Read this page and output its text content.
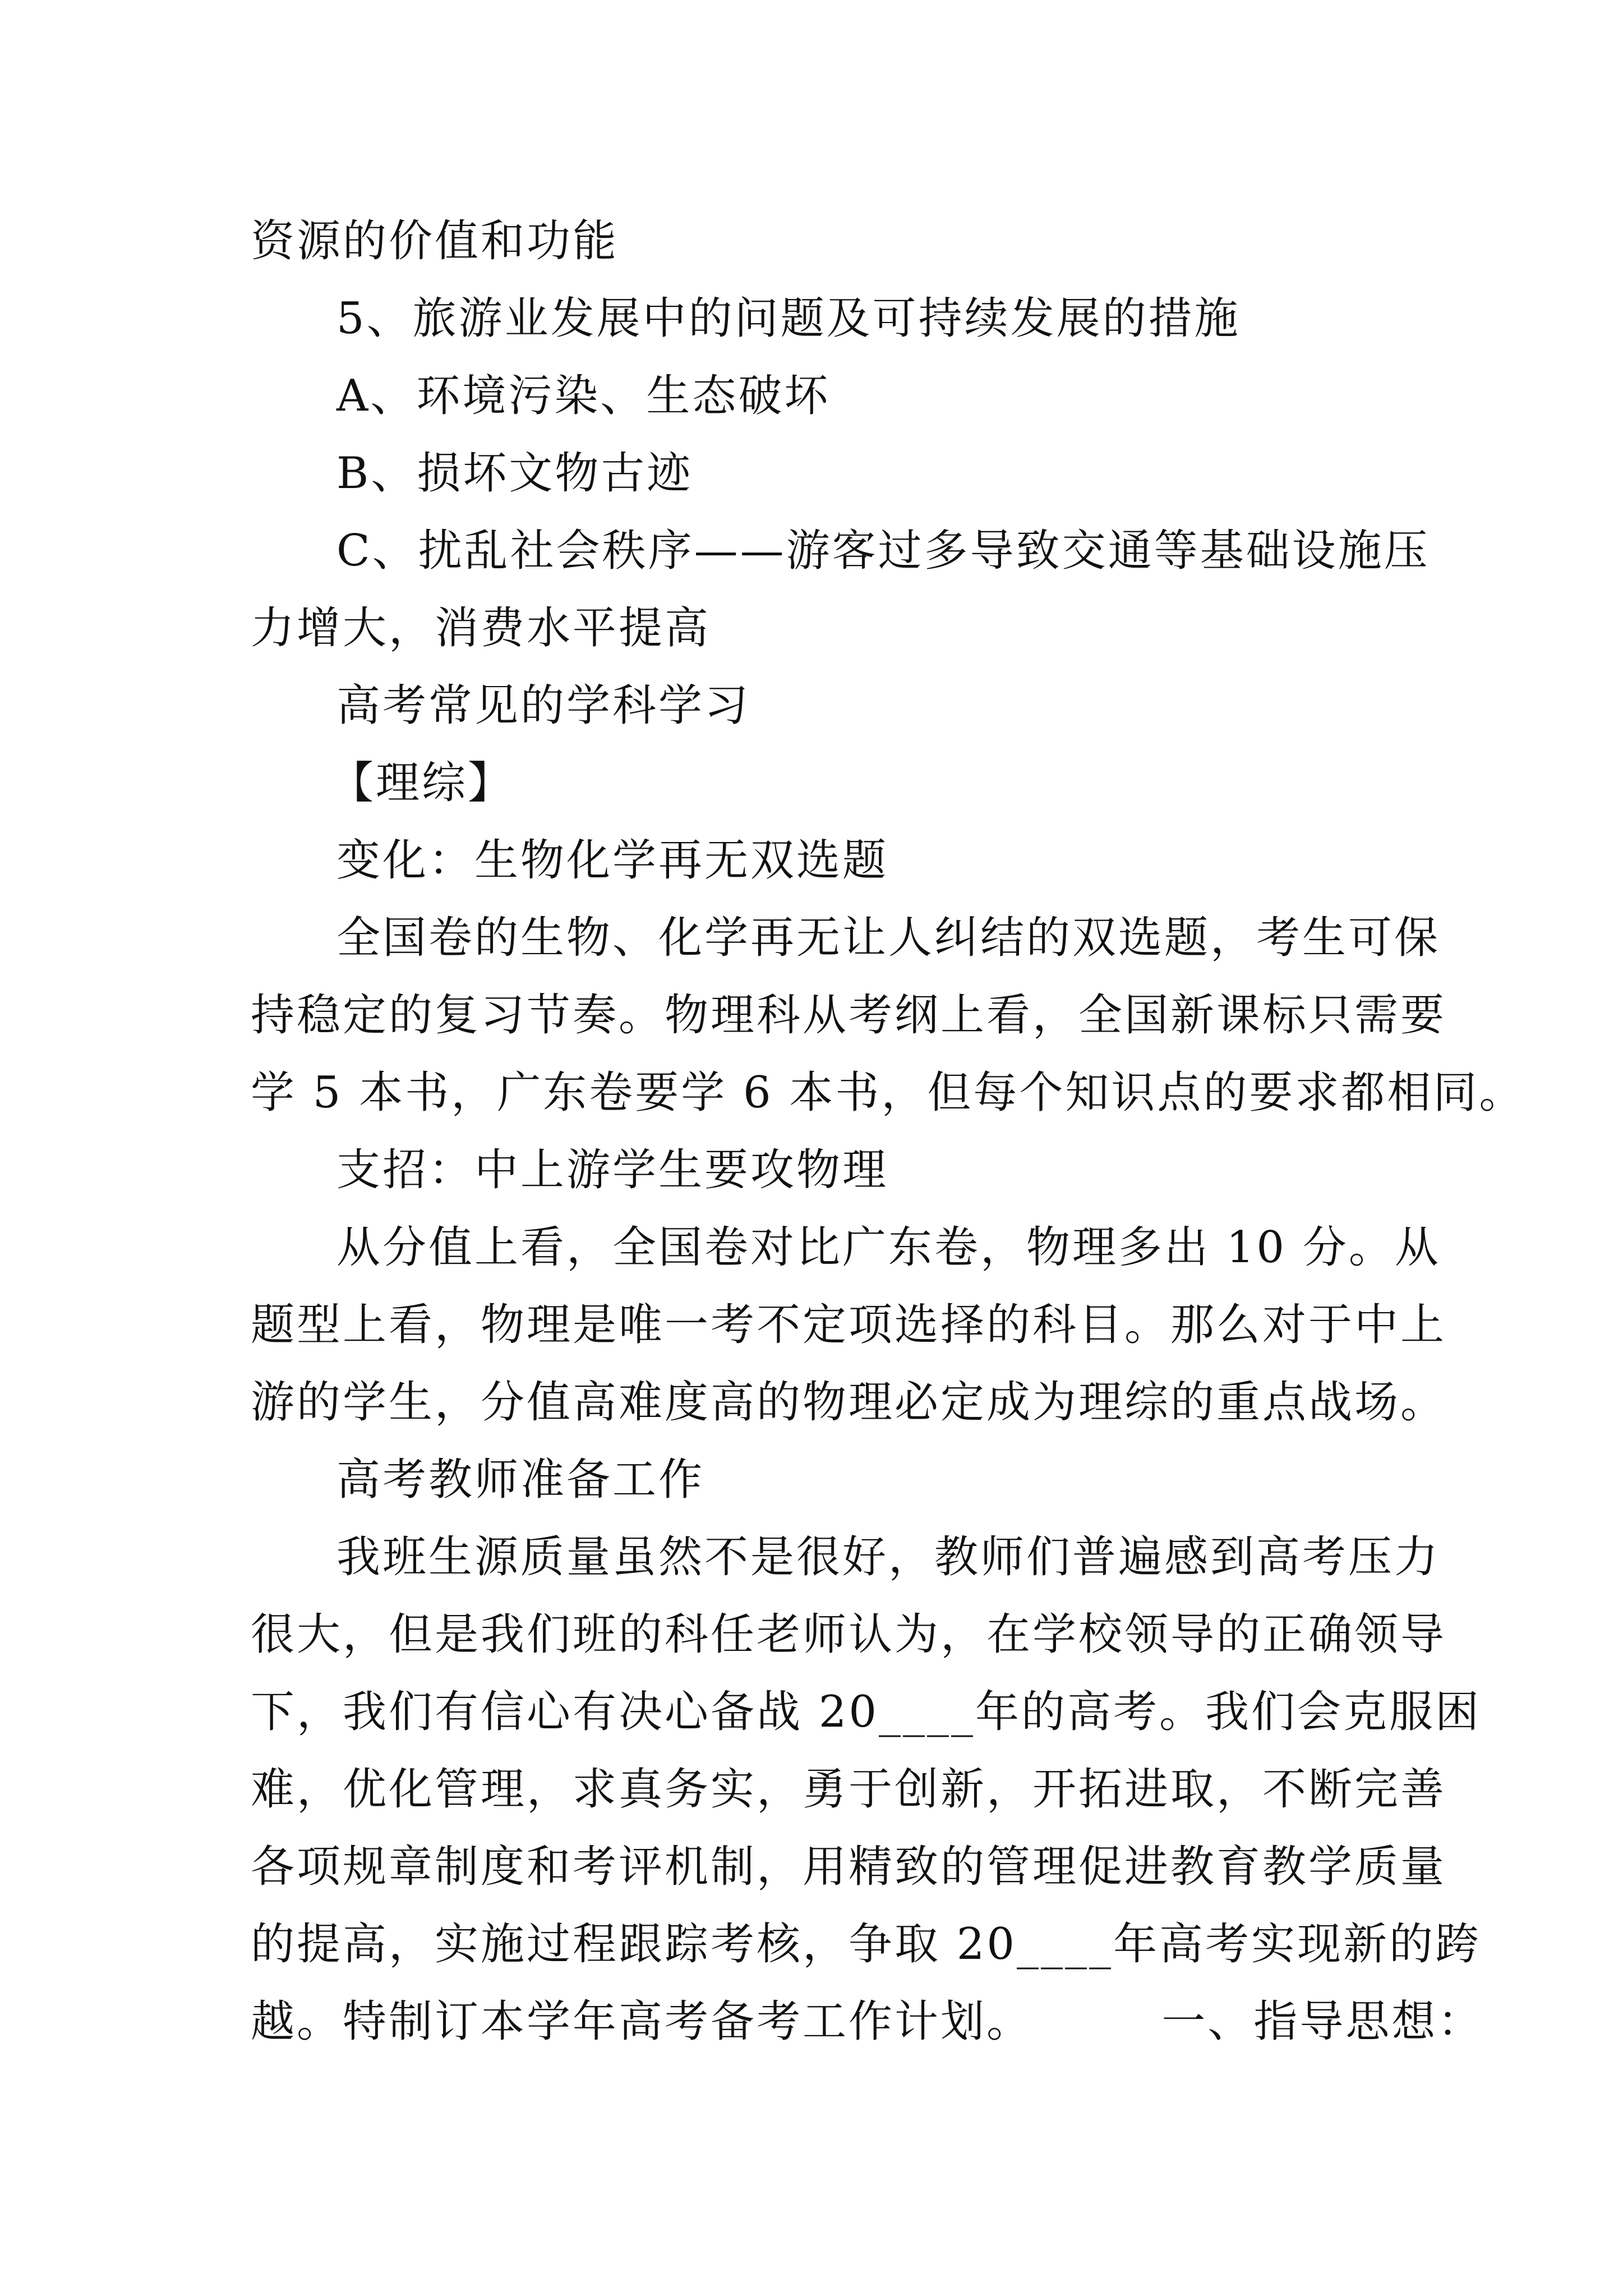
资源的价值和功能
5、旅游业发展中的问题及可持续发展的措施
A、环境污染、生态破坏
B、损坏文物古迹
C、扰乱社会秩序——游客过多导致交通等基础设施压
力增大，消费水平提高
高考常见的学科学习
【理综】
变化：生物化学再无双选题
全国卷的生物、化学再无让人纠结的双选题，考生可保
持稳定的复习节奏。物理科从考纲上看，全国新课标只需要
学 5 本书，广东卷要学 6 本书，但每个知识点的要求都相同。
支招：中上游学生要攻物理
从分值上看，全国卷对比广东卷，物理多出 10 分。从
题型上看，物理是唯一考不定项选择的科目。那么对于中上
游的学生，分值高难度高的物理必定成为理综的重点战场。
高考教师准备工作
我班生源质量虽然不是很好，教师们普遍感到高考压力
很大，但是我们班的科任老师认为，在学校领导的正确领导
下，我们有信心有决心备战 20____年的高考。我们会克服困
难，优化管理，求真务实，勇于创新，开拓进取，不断完善
各项规章制度和考评机制，用精致的管理促进教育教学质量
的提高，实施过程跟踪考核，争取 20____年高考实现新的跨
越。特制订本学年高考备考工作计划。        一、指导思想：
